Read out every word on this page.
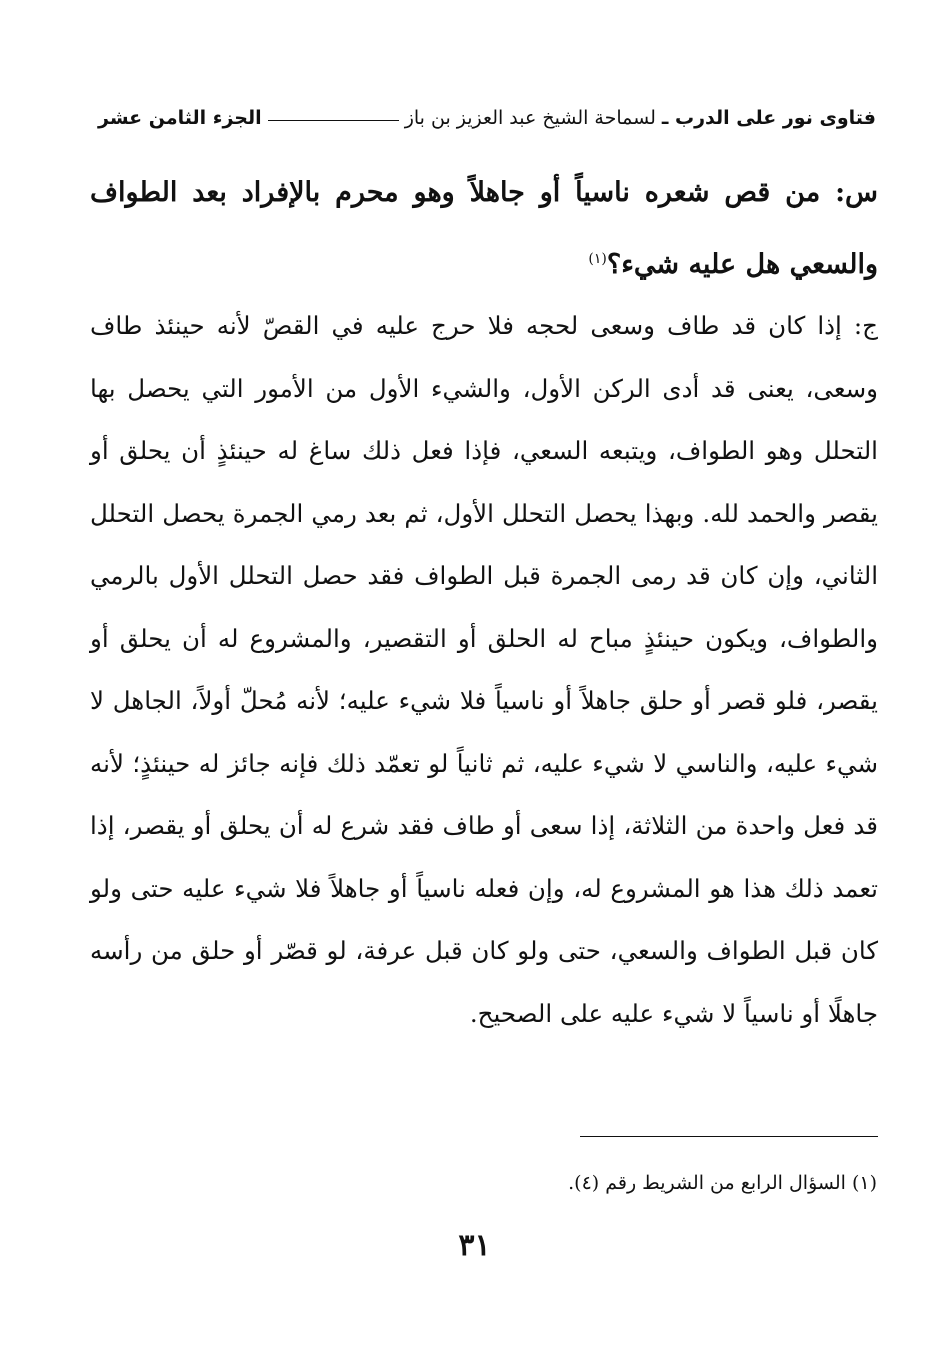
فتاوى نور على الدرب ـ
لسماحة الشيخ عبد العزيز بن باز
الجزء الثامن عشر
س: من قص شعره ناسياً أو جاهلاً وهو محرم بالإفراد بعد الطواف والسعي هل عليه شيء؟$^{(١)}$
ج: إذا كان قد طاف وسعى لحجه فلا حرج عليه في القصّ لأنه حينئذ طاف وسعى، يعنى قد أدى الركن الأول، والشيء الأول من الأمور التي يحصل بها التحلل وهو الطواف، ويتبعه السعي، فإذا فعل ذلك ساغ له حينئذٍ أن يحلق أو يقصر والحمد لله. وبهذا يحصل التحلل الأول، ثم بعد رمي الجمرة يحصل التحلل الثاني، وإن كان قد رمى الجمرة قبل الطواف فقد حصل التحلل الأول بالرمي والطواف، ويكون حينئذٍ مباح له الحلق أو التقصير، والمشروع له أن يحلق أو يقصر، فلو قصر أو حلق جاهلاً أو ناسياً فلا شيء عليه؛ لأنه مُحلّ أولاً، الجاهل لا شيء عليه، والناسي لا شيء عليه، ثم ثانياً لو تعمّد ذلك فإنه جائز له حينئذٍ؛ لأنه قد فعل واحدة من الثلاثة، إذا سعى أو طاف فقد شرع له أن يحلق أو يقصر، إذا تعمد ذلك هذا هو المشروع له، وإن فعله ناسياً أو جاهلاً فلا شيء عليه حتى ولو كان قبل الطواف والسعي، حتى ولو كان قبل عرفة، لو قصّر أو حلق من رأسه جاهلًا أو ناسياً لا شيء عليه على الصحيح.
(١) السؤال الرابع من الشريط رقم (٤).
٣١
